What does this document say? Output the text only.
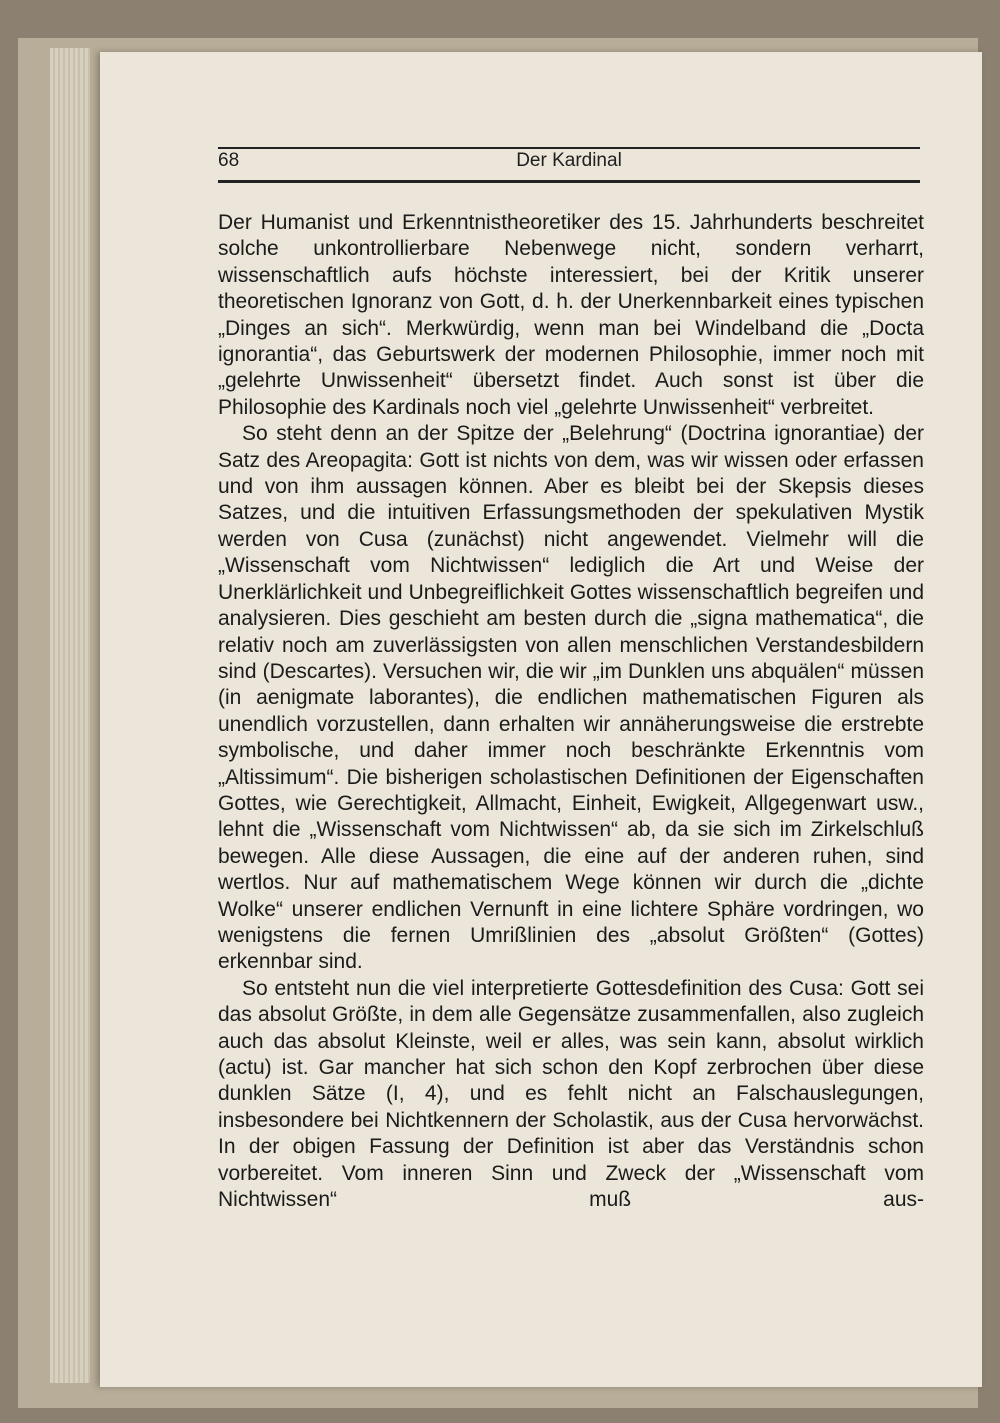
68	Der Kardinal

Der Humanist und Erkenntnistheoretiker des 15. Jahrhunderts beschreitet solche unkontrollierbare Nebenwege nicht, sondern verharrt, wissenschaftlich aufs höchste interessiert, bei der Kritik unserer theoretischen Ignoranz von Gott, d. h. der Unerkennbarkeit eines typischen „Dinges an sich“. Merkwürdig, wenn man bei Windelband die „Docta ignorantia“, das Geburtswerk der modernen Philosophie, immer noch mit „gelehrte Unwissenheit“ übersetzt findet. Auch sonst ist über die Philosophie des Kardinals noch viel „gelehrte Unwissenheit“ verbreitet.

So steht denn an der Spitze der „Belehrung“ (Doctrina ignorantiae) der Satz des Areopagita: Gott ist nichts von dem, was wir wissen oder erfassen und von ihm aussagen können. Aber es bleibt bei der Skepsis dieses Satzes, und die intuitiven Erfassungsmethoden der spekulativen Mystik werden von Cusa (zunächst) nicht angewendet. Vielmehr will die „Wissenschaft vom Nichtwissen“ lediglich die Art und Weise der Unerklärlichkeit und Unbegreiflichkeit Gottes wissenschaftlich begreifen und analysieren. Dies geschieht am besten durch die „signa mathematica“, die relativ noch am zuverlässigsten von allen menschlichen Verstandesbildern sind (Descartes). Versuchen wir, die wir „im Dunklen uns abquälen“ müssen (in aenigmate laborantes), die endlichen mathematischen Figuren als unendlich vorzustellen, dann erhalten wir annäherungsweise die erstrebte symbolische, und daher immer noch beschränkte Erkenntnis vom „Altissimum“. Die bisherigen scholastischen Definitionen der Eigenschaften Gottes, wie Gerechtigkeit, Allmacht, Einheit, Ewigkeit, Allgegenwart usw., lehnt die „Wissenschaft vom Nichtwissen“ ab, da sie sich im Zirkelschluß bewegen. Alle diese Aussagen, die eine auf der anderen ruhen, sind wertlos. Nur auf mathematischem Wege können wir durch die „dichte Wolke“ unserer endlichen Vernunft in eine lichtere Sphäre vordringen, wo wenigstens die fernen Umrißlinien des „absolut Größten“ (Gottes) erkennbar sind.

So entsteht nun die viel interpretierte Gottesdefinition des Cusa: Gott sei das absolut Größte, in dem alle Gegensätze zusammenfallen, also zugleich auch das absolut Kleinste, weil er alles, was sein kann, absolut wirklich (actu) ist. Gar mancher hat sich schon den Kopf zerbrochen über diese dunklen Sätze (I, 4), und es fehlt nicht an Falschauslegungen, insbesondere bei Nichtkennern der Scholastik, aus der Cusa hervorwächst. In der obigen Fassung der Definition ist aber das Verständnis schon vorbereitet. Vom inneren Sinn und Zweck der „Wissenschaft vom Nichtwissen“ muß aus-
